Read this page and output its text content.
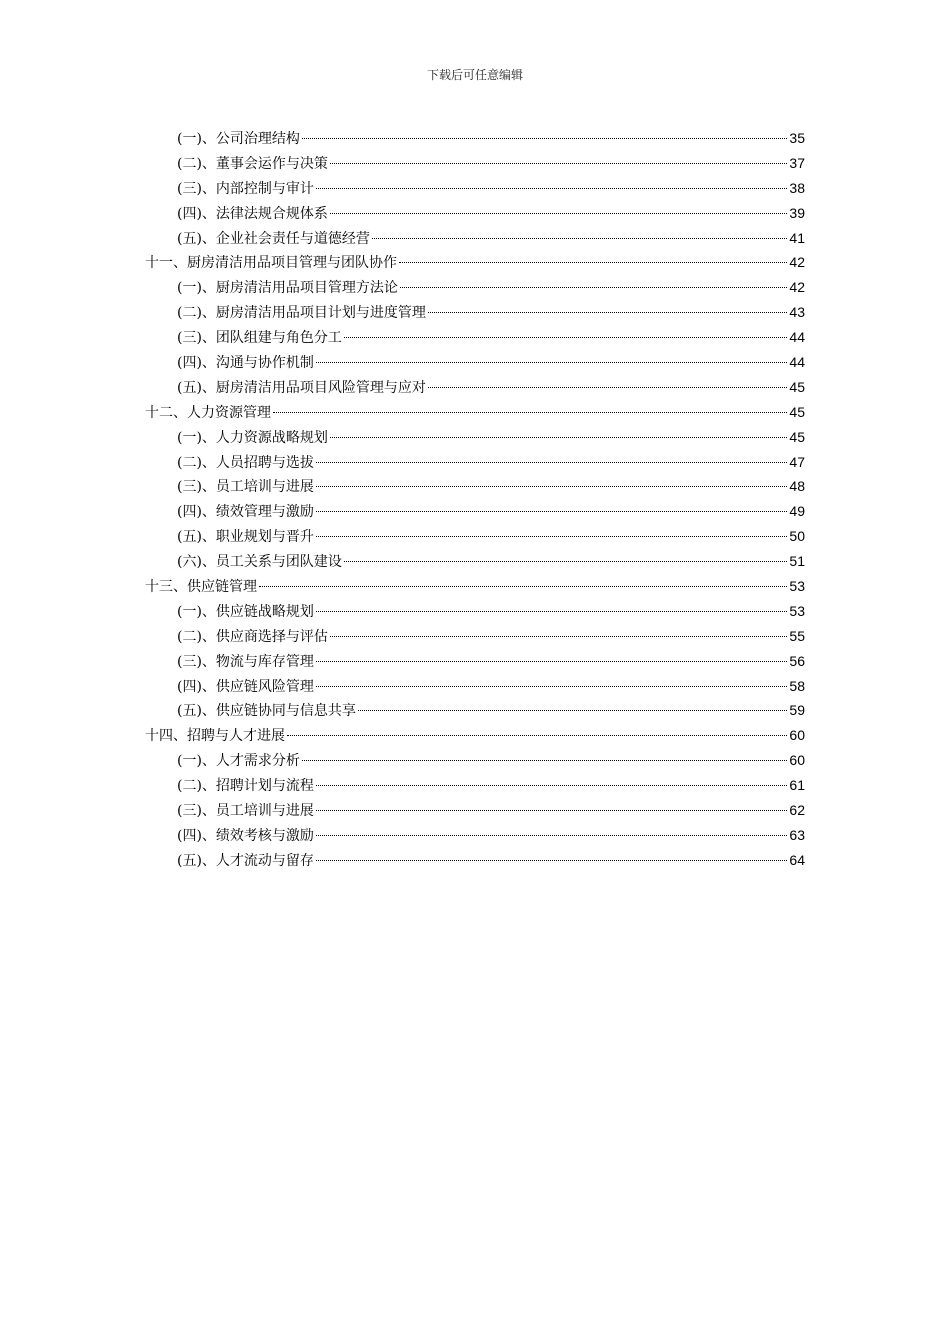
下载后可任意编辑
(一)、公司治理结构	35
(二)、董事会运作与决策	37
(三)、内部控制与审计	38
(四)、法律法规合规体系	39
(五)、企业社会责任与道德经营	41
十一、厨房清洁用品项目管理与团队协作	42
(一)、厨房清洁用品项目管理方法论	42
(二)、厨房清洁用品项目计划与进度管理	43
(三)、团队组建与角色分工	44
(四)、沟通与协作机制	44
(五)、厨房清洁用品项目风险管理与应对	45
十二、人力资源管理	45
(一)、人力资源战略规划	45
(二)、人员招聘与选拔	47
(三)、员工培训与进展	48
(四)、绩效管理与激励	49
(五)、职业规划与晋升	50
(六)、员工关系与团队建设	51
十三、供应链管理	53
(一)、供应链战略规划	53
(二)、供应商选择与评估	55
(三)、物流与库存管理	56
(四)、供应链风险管理	58
(五)、供应链协同与信息共享	59
十四、招聘与人才进展	60
(一)、人才需求分析	60
(二)、招聘计划与流程	61
(三)、员工培训与进展	62
(四)、绩效考核与激励	63
(五)、人才流动与留存	64
